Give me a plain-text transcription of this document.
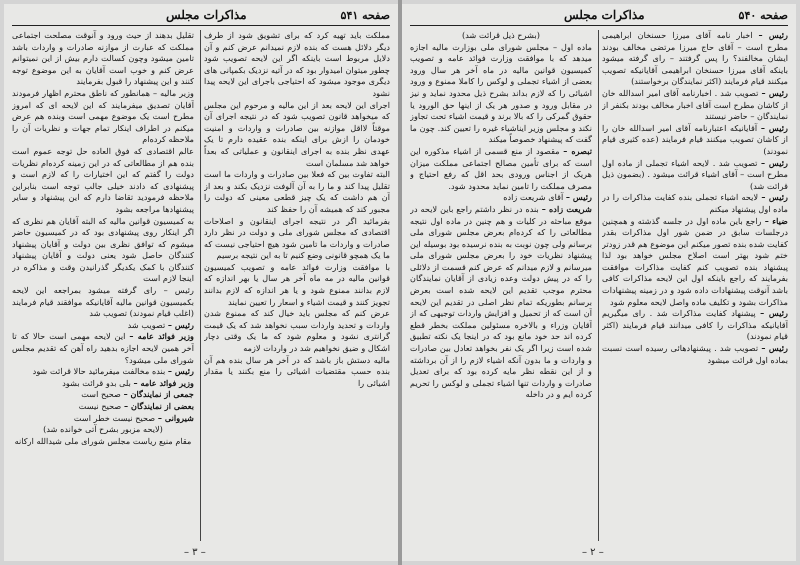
صفحه ۵۴۱
مذاکرات مجلس

مملکت باید تهیه کرد که برای تشویق شود از طرف دیگر دلائل هست که بنده لازم نمیدانم عرض کنم و آن دلایل مربوط است باینکه اگر این لایحه تصویب شود چطور میتوان امیدوار بود که در آتیه نزدیک بکمپانی های دیگری موجود میشود که احتیاجی باجرای این لایحه پیدا نشود

اجرای این لایحه بعد از این مالیه و مرحوم این مجلس که میخواهد قانون تصویب شود که در نتیجه اجرای آن موقتاً لااقل موازنه بین صادرات و واردات و امنیت خودمان را ازش برای اینکه بنده عقیده دارم تا یک عهدی نظر بنده به اجرای اینقانون و عملیاتی که بعداً خواهد شد مسلمان است

البته تفاوت بین که فعلا بین صادرات و واردات ما است تقلیل پیدا کند و ما را به آن آلوفت نزدیک بکند و بعد از آن هم داشت که یک چیز قطعی معینی که دولت را مجبور کند که همیشه آن را حفظ کند

بفرمائید اگر در نتیجه اجرای اینقانون و اصلاحات اقتصادی که مجلس شورای ملی و دولت در نظر دارد صادرات و واردات ما تامین شود هیچ احتیاجی نیست که ما یک همچو قانونی وضع کنیم تا به این نتیجه برسیم

با موافقت وزارت فوائد عامه و تصویب کمیسیون قوانین مالیه در مه ماه آخر هر سال یا بهر اندازه که لازم بدانند ممنوع شود و یا هر اندازه که لازم بدانند تجویز کنند و قیمت اشیاء و اسعار را تعیین نمایند

عرض کنم که مجلس باید خیال کند که ممنوع شدن واردات و تحدید واردات سبب نخواهد شد که یک قیمت گرانتری نشود و معلوم شود که ما یک وقتی دچار اشکال و ضیق نخواهیم شد در واردات لازمه

مالیه دستش باز باشد که در آخر هر سال بنده هم آن بنده حسب مقتضیات اشیائی را منع بکنند یا مقدار اشیائی را

تقلیل بدهند از حیث ورود و آنوقت مصلحت اجتماعی مملکت که عبارت از موازنه صادرات و واردات باشد تامین میشود وچون کسالت دارم بیش از این نمیتوانم عرض کنم و خوب است آقایان به این موضوع توجه کنند و این پیشنهاد را قبول بفرمایند

وزیر مالیه – همانطور که ناطق محترم اظهار فرمودند آقایان تصدیق میفرمایند که این لایحه ای که امروز مطرح است یک موضوع مهمی است وبنده هم عرض میکنم در اطراف اینکار تمام جهات و نظریات آن را ملاحظه کرده‌ام

عالم اقتصادی که فوق العاده حل توجه عموم است بنده هم از مطالعاتی که در این زمینه کرده‌ام نظریات دولت را گفتم که این اختیارات را که لازم است و پیشنهادی که دادند خیلی جالب توجه است بنابراین ملاحظه فرمودید تقاضا دارم که این پیشنهاد و سایر پیشنهادها مراجعه بشود

به کمیسیون قوانین مالیه که البته آقایان هم نظری که اگر اینکار روی پیشنهادی بود که در کمیسیون حاضر میشوم که توافق نظری بین دولت و آقایان پیشنهاد کنندگان حاصل شود یعنی دولت و آقایان پیشنهاد کنندگان با کمک یکدیگر گذرانیدن وقت و مذاکره در اینجا لازم است

رئیس – رای گرفته میشود بمراجعه این لایحه بکمیسیون قوانین مالیه آقایانیکه موافقند قیام فرمایند (اغلب قیام نمودند) تصویب شد

رئیس – تصویب شد

وزیر فوائد عامه – این لایحه مهمی است حالا که تا آخر همین لایحه اجازه بدهید راه آهن که تقدیم مجلس شورای ملی میشود؟

رئیس – بنده مخالفت میفرمائید حالا قرائت شود

وزیر فوائد عامه – بلی بدو قرائت بشود

جمعی از نمایندگان – صحیح است

بعضی از نمایندگان – صحیح نیست

شیروانی – صحیح نیست خطر است

(لایحه مزبور بشرح آتی خوانده شد)

مقام منیع ریاست مجلس شورای ملی شیدالله ارکانه

– ۳ –
صفحه ۵۴۰
مذاکرات مجلس

رئیس – اخبار نامه آقای میرزا حسنخان ابراهیمی مطرح است – آقای حاج میرزا مرتضی مخالف بودند ایشان مخالفند؟ را پس گرفتند – رای گرفته میشود باینکه آقای میرزا حسنخان ابراهیمی آقایانیکه تصویب میکنند قیام فرمایند (اکثر نمایندگان برخواستند)

رئیس – تصویب شد . اخبارنامه آقای امیر اسدالله خان از کاشان مطرح است آقای اخبار مخالف بودند بکنفر از نمایندگان – حاضر نیستند

رئیس – آقایانیکه اعتبارنامه آقای امیر اسدالله خان را از کاشان تصویب میکنند قیام فرمایند (عده کثیری قیام نمودند)

رئیس – تصویب شد . لایحه اشیاء تجملی از ماده اول مطرح است – آقای اشیاء قرائت میشود . (بضمون ذیل قرائت شد)

رئیس – لایحه اشیاء تجملی بنده کفایت مذاکرات را در ماده اول پیشنهاد میکنم

ضیاء – راجع باین ماده اول در جلسه گذشته و همچنین درجلسات سابق در ضمن شور اول مذاکرات بقدر کفایت شده بنده تصور میکنم این موضوع هم قدر زودتر ختم شود بهتر است اصلاح مجلس خواهد بود لذا پیشنهاد بنده تصویب کنم کفایت مذاکرات موافقت بفرمایند که راجع باینکه اول این لایحه مذاکرات کافی باشد آنوقت پیشنهادات داده شود و در زمینه پیشنهادات مذاکرات بشود و تکلیف ماده واصل لایحه معلوم شود

رئیس – پیشنهاد کفایت مذاکرات شد . رای میگیریم آقایانیکه مذاکرات را کافی میدانند قیام فرمایند (اکثر قیام نمودند)

رئیس – تصویب شد . پیشنهادهائی رسیده است نسبت بماده اول قرائت میشود

(بشرح ذیل قرائت شد)

ماده اول – مجلس شورای ملی بوزارت مالیه اجازه میدهد که با موافقت وزارت فوائد عامه و تصویب کمیسیون قوانین مالیه در ماه آخر هر سال ورود بعضی از اشیاء تجملی و لوکس را کاملا ممنوع و ورود اشیائی را که لازم بداند بشرح ذیل محدود نماید و نیز در مقابل ورود و صدور هر یک از اینها حق الورود یا حقوق گمرکی را که بالا برند و قیمت اشیاء تحت تجاوز نکند و مجلس وزیر ایناشیاء غیره را تعیین کند. چون ما گفت که پیشنهاد خصوصاً میکند

تبصره – مقصود از منع قسمی از اشیاء مذکوره این است که برای تأمین مصالح اجتماعی مملکت میزان هریک از اجناس ورودی بحد اقل که رفع احتیاج و مصرف مملکت را تامین نماید محدود شود.

رئیس – آقای شریعت زاده

شریعت زاده – بنده در نظر داشتم راجع باین لایحه در موقع مباحثه در کلیات و هم چنین در ماده اول نتیجه مطالعاتی را که کرده‌ام بعرض مجلس شورای ملی برسانم ولی چون نوبت به بنده نرسیده بود بوسیله این پیشنهاد نظریات خود را بعرض مجلس شورای ملی میرسانم و لازم میدانم که عرض کنم قسمت از دلائلی را که در پیش دولت وعده زیادی از آقایان نمایندگان محترم موجب تقدیم این لایحه شده است بعرض برسانم بطوریکه تمام نظر اصلی در تقدیم این لایحه آن است که از تحمیل و افزایش واردات توجیهی که از آقایان وزراء و بالاخره مسئولین مملکت بخطر قطع کرده اند حد خود مانع بود که در اینجا یک نکته تطبیق شده است زیرا اگر یک نفر بخواهد تعادل بین صادرات و واردات و ما بدون آنکه اشیاء لازم را از آن برداشته و از این نقطه نظر مایه کرده بود که برای تعدیل صادرات و واردات تنها اشیاء تجملی و لوکس را تحریم کرده ایم و در داخله

– ۲ –
